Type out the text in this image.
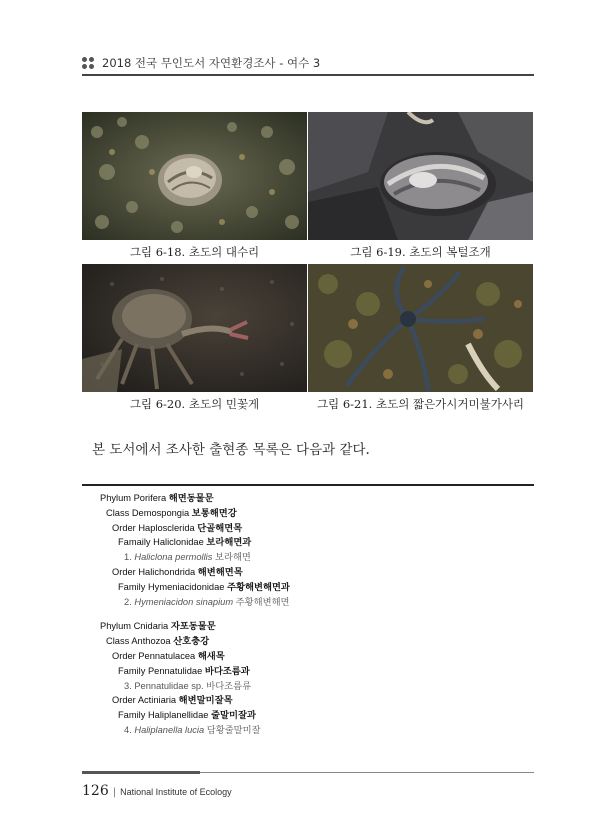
2018 전국 무인도서 자연환경조사 - 여수 3
그림 6-18. 초도의 대수리	그림 6-19. 초도의 복털조개
그림 6-20. 초도의 민꽃게	그림 6-21. 초도의 짧은가시거미불가사리
본 도서에서 조사한 출현종 목록은 다음과 같다.
Phylum Porifera 해면동물문
Class Demospongia 보통해면강
Order Haplosclerida 단골해면목
Famaily Haliclonidae 보라해면과
1. Haliclona permollis 보라해면
Order Halichondrida 해변해면목
Family Hymeniacidonidae 주황해변해면과
2. Hymeniacidon sinapium 주황해변해면
Phylum Cnidaria 자포동물문
Class Anthozoa 산호충강
Order Pennatulacea 해새목
Family Pennatulidae 바다조름과
3. Pennatulidae sp. 바다조름류
Order Actiniaria 해변말미잘목
Family Haliplanellidae 줄말미잘과
4. Haliplanella lucia 담황줄말미잘
126 | National Institute of Ecology
